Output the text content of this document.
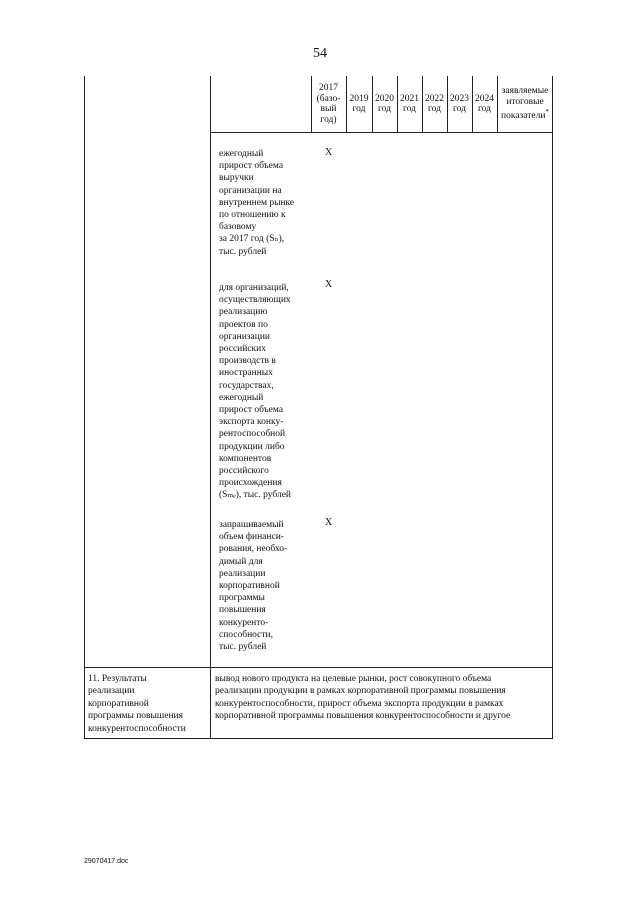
54
2017
(базо-
вый
год)
2019
год
2020
год
2021
год
2022
год
2023
год
2024
год
заявляемые
итоговые
показатели*
ежегодный
прирост объема
выручки
организации на
внутреннем рынке
по отношению к
базовому
за 2017 год (Sₙ),
тыс. рублей
X
для организаций,
осуществляющих
реализацию
проектов по
организации
российских
производств в
иностранных
государствах,
ежегодный
прирост объема
экспорта конку-
рентоспособной
продукции либо
компонентов
российского
происхождения
(Sₘₑ), тыс. рублей
X
запрашиваемый
объем финанси-
рования, необхо-
димый для
реализации
корпоративной
программы
повышения
конкурентo-
способности,
тыс. рублей
X
11. Результаты
реализации
корпоративной
программы повышения
конкурентоспособности
вывод нового продукта на целевые рынки, рост совокупного объема
реализации продукции в рамках корпоративной программы повышения
конкурентоспособности, прирост объема экспорта продукции в рамках
корпоративной программы повышения конкурентоспособности и другое
29070417.doc
